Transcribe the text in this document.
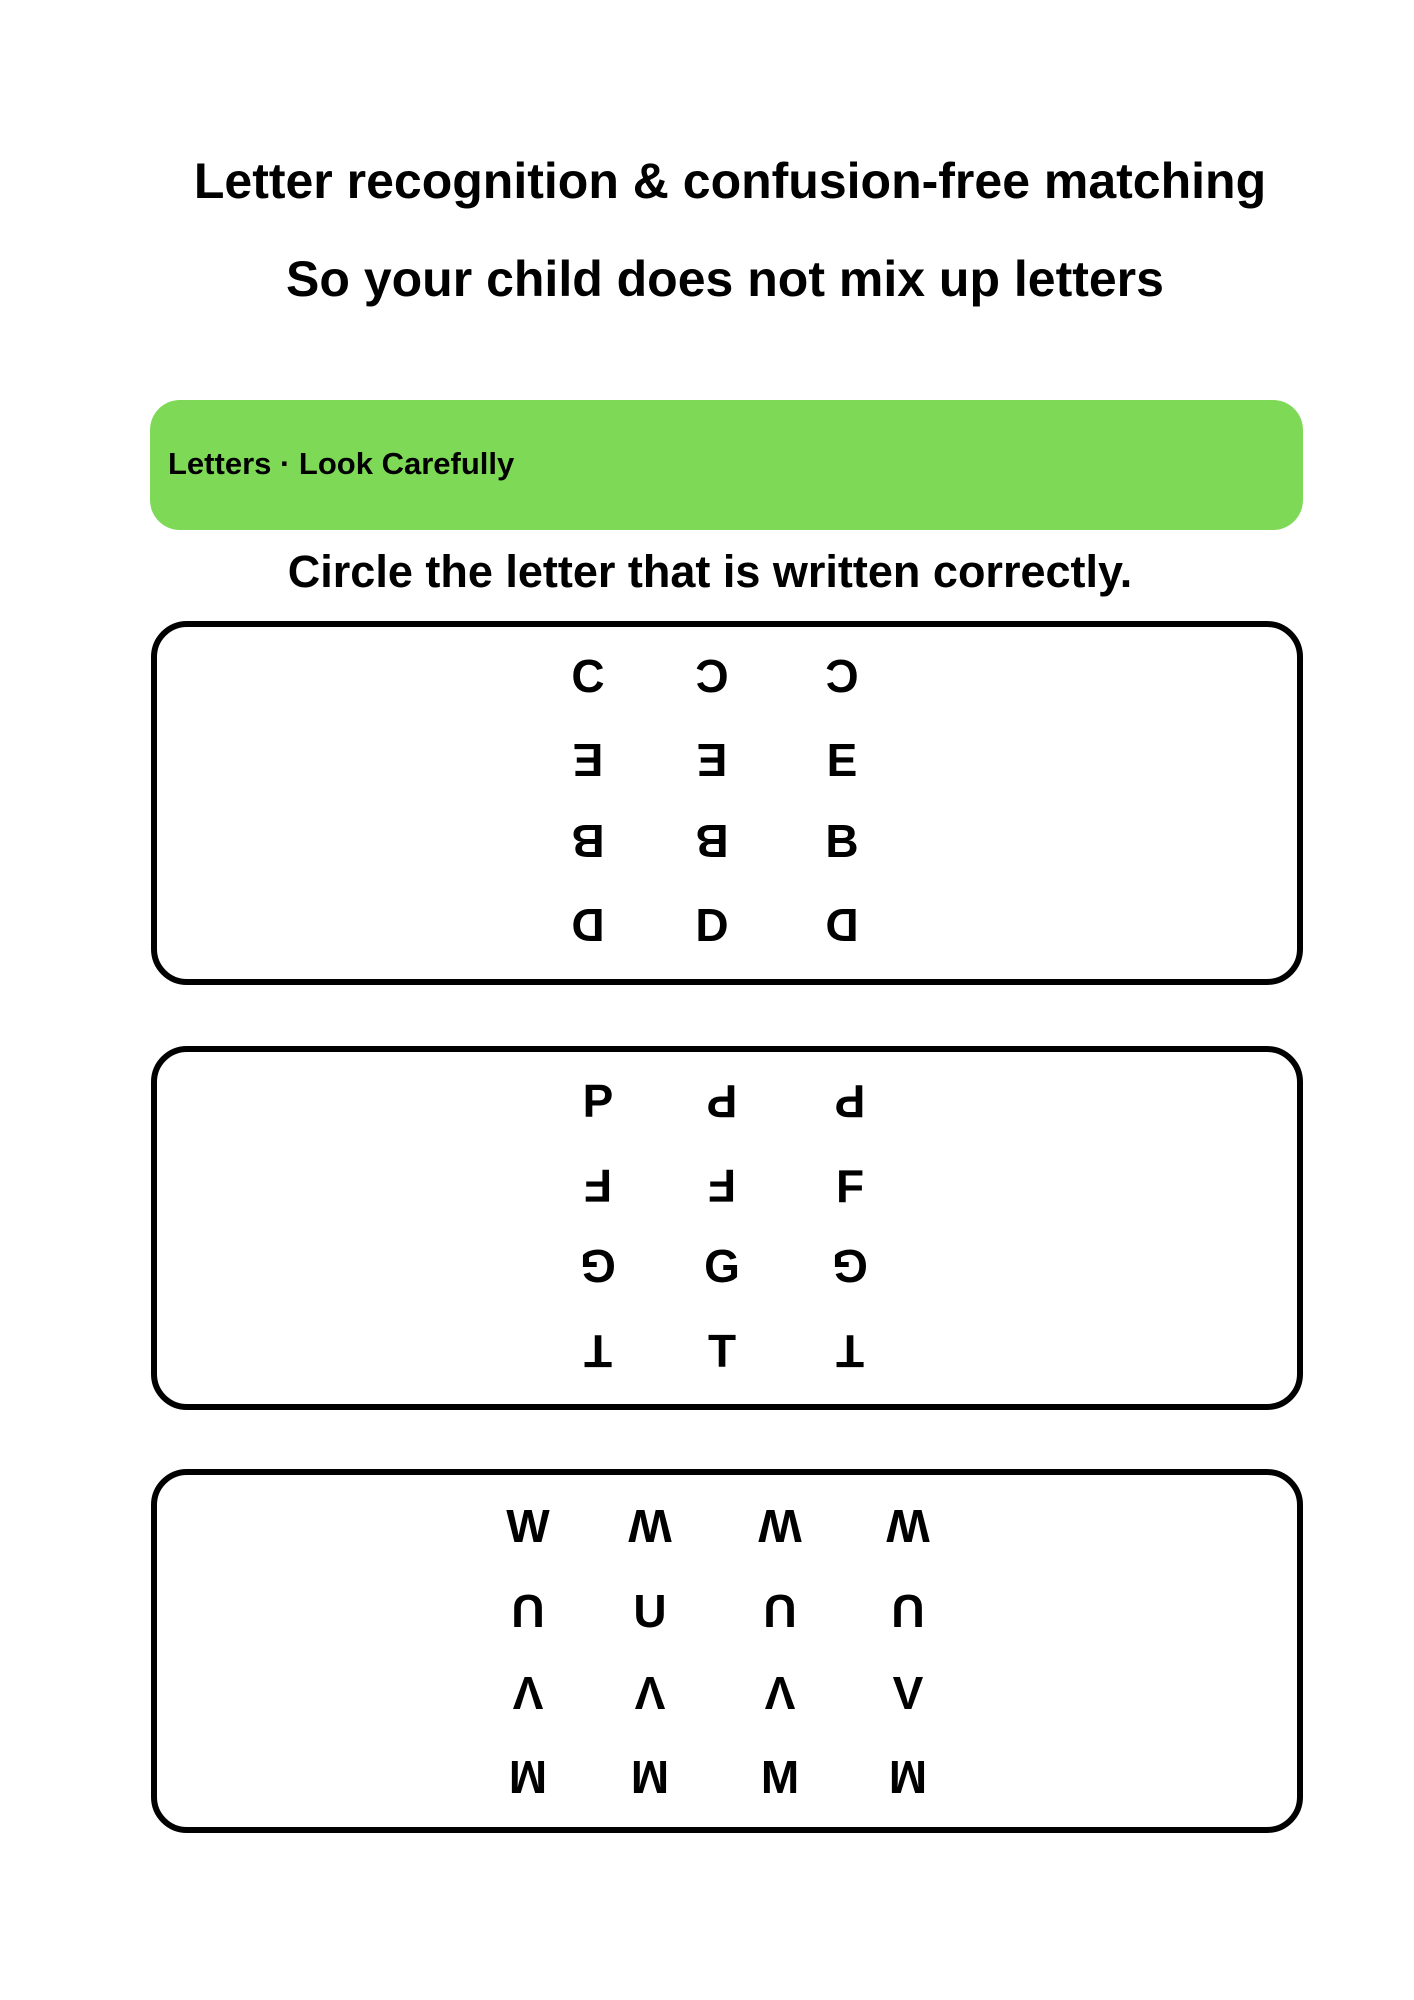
Letter recognition & confusion-free matching
So your child does not mix up letters
Letters · Look Carefully
Circle the letter that is written correctly.
C C C
E	E	E
B B B
D D D
P	P	P
F	F	F
G G G
T	T	T
W W W W
U U U U
V	V	V	V
M M M M
